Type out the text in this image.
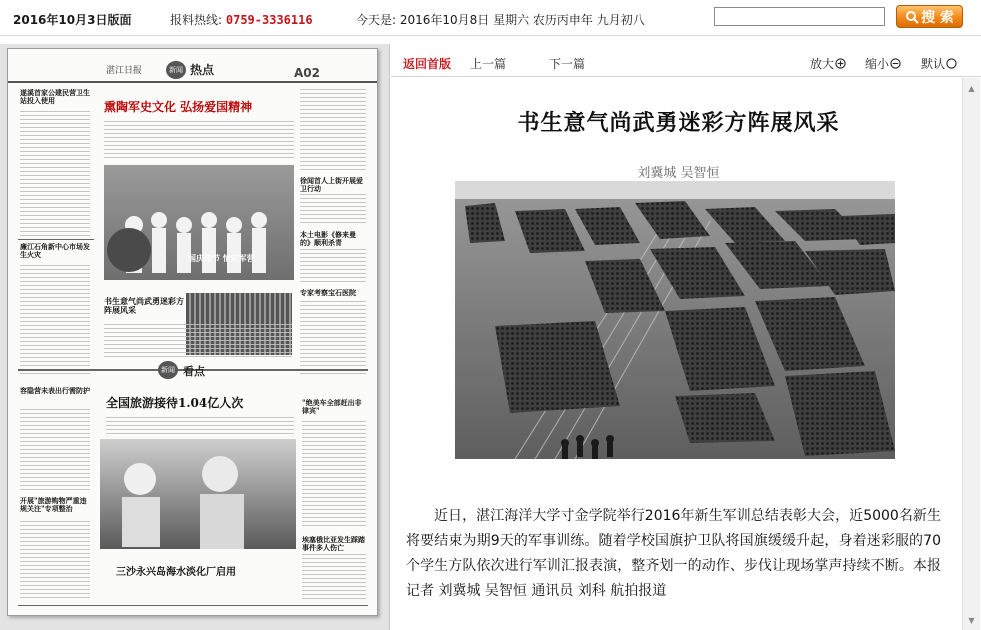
2016年10月3日版面	报料热线: 0759-3336116	今天是: 2016年10月8日 星期六 农历丙申年 九月初八	搜 索
湛江日报	新闻 热点	A02
遂溪首家公建民营卫生站投入使用
廉江石角新中心市场发生火灾
熏陶军史文化 弘扬爱国精神
国庆佳节 情定军营
徐闻首人上街开展爱卫行动
本土电影《修来曼的》顺利杀青
专家考察宝石医院
书生意气尚武勇迷彩方阵展风采
新闻 看点
容隐营未表出行需防护
开展"旅游购物严重违规关注"专项整治
全国旅游接待1.04亿人次
三沙永兴岛海水淡化厂启用
"绝美车全部赶出非律宾"
埃塞俄比亚发生踩踏事件多人伤亡
返回首版 上一篇	下一篇	放大	缩小	默认
书生意气尚武勇迷彩方阵展风采
刘冀城 吴智恒

近日，湛江海洋大学寸金学院举行2016年新生军训总结表彰大会，近5000名新生将要结束为期9天的军事训练。随着学校国旗护卫队将国旗缓缓升起，身着迷彩服的70个学生方队依次进行军训汇报表演，整齐划一的动作、步伐让现场掌声持续不断。本报记者 刘冀城 吴智恒 通讯员 刘科 航拍报道

▲
▼
